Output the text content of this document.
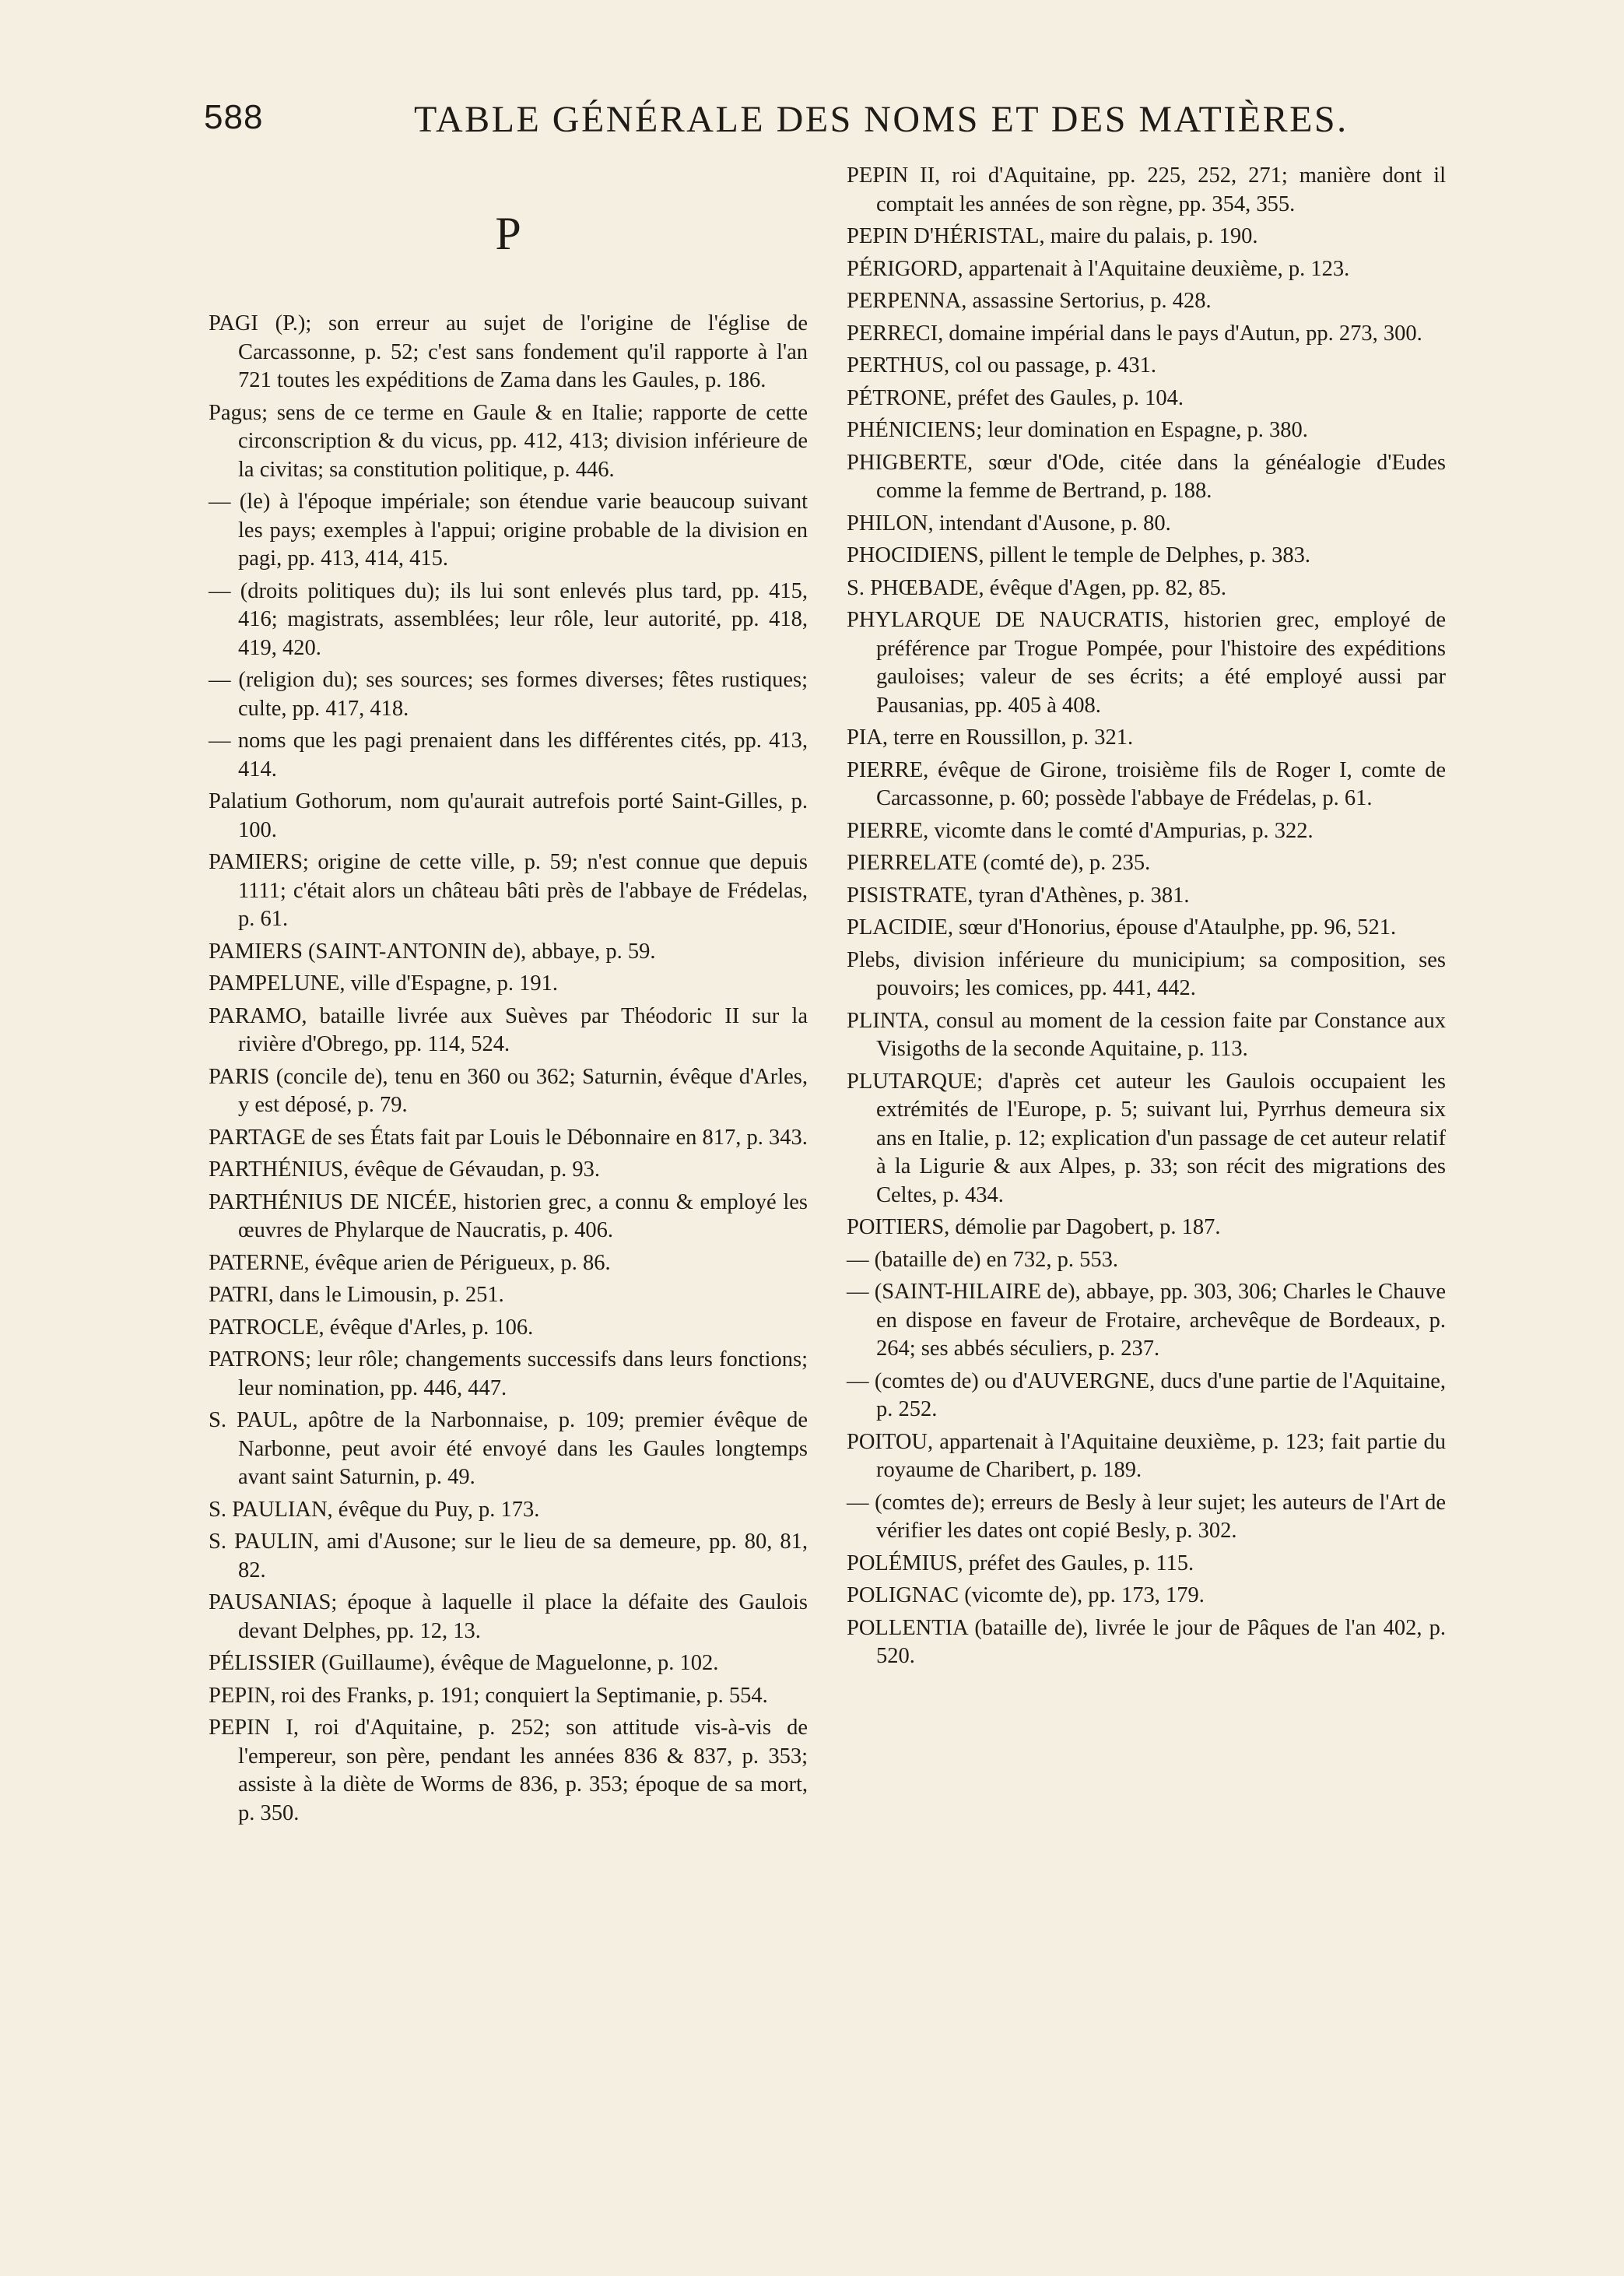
588	TABLE GÉNÉRALE DES NOMS ET DES MATIÈRES.
P

PAGI (P.); son erreur au sujet de l'origine de l'église de Carcassonne, p. 52; c'est sans fondement qu'il rapporte à l'an 721 toutes les expéditions de Zama dans les Gaules, p. 186.

Pagus; sens de ce terme en Gaule & en Italie; rapporte de cette circonscription & du vicus, pp. 412, 413; division inférieure de la civitas; sa constitution politique, p. 446.

— (le) à l'époque impériale; son étendue varie beaucoup suivant les pays; exemples à l'appui; origine probable de la division en pagi, pp. 413, 414, 415.

— (droits politiques du); ils lui sont enlevés plus tard, pp. 415, 416; magistrats, assemblées; leur rôle, leur autorité, pp. 418, 419, 420.

— (religion du); ses sources; ses formes diverses; fêtes rustiques; culte, pp. 417, 418.

— noms que les pagi prenaient dans les différentes cités, pp. 413, 414.

Palatium Gothorum, nom qu'aurait autrefois porté Saint-Gilles, p. 100.

PAMIERS; origine de cette ville, p. 59; n'est connue que depuis 1111; c'était alors un château bâti près de l'abbaye de Frédelas, p. 61.

PAMIERS (SAINT-ANTONIN de), abbaye, p. 59.

PAMPELUNE, ville d'Espagne, p. 191.

PARAMO, bataille livrée aux Suèves par Théodoric II sur la rivière d'Obrego, pp. 114, 524.

PARIS (concile de), tenu en 360 ou 362; Saturnin, évêque d'Arles, y est déposé, p. 79.

PARTAGE de ses États fait par Louis le Débonnaire en 817, p. 343.

PARTHÉNIUS, évêque de Gévaudan, p. 93.

PARTHÉNIUS DE NICÉE, historien grec, a connu & employé les œuvres de Phylarque de Naucratis, p. 406.

PATERNE, évêque arien de Périgueux, p. 86.

PATRI, dans le Limousin, p. 251.

PATROCLE, évêque d'Arles, p. 106.

PATRONS; leur rôle; changements successifs dans leurs fonctions; leur nomination, pp. 446, 447.

S. PAUL, apôtre de la Narbonnaise, p. 109; premier évêque de Narbonne, peut avoir été envoyé dans les Gaules longtemps avant saint Saturnin, p. 49.

S. PAULIAN, évêque du Puy, p. 173.

S. PAULIN, ami d'Ausone; sur le lieu de sa demeure, pp. 80, 81, 82.

PAUSANIAS; époque à laquelle il place la défaite des Gaulois devant Delphes, pp. 12, 13.

PÉLISSIER (Guillaume), évêque de Maguelonne, p. 102.

PEPIN, roi des Franks, p. 191; conquiert la Septimanie, p. 554.

PEPIN I, roi d'Aquitaine, p. 252; son attitude vis-à-vis de l'empereur, son père, pendant les années 836 & 837, p. 353; assiste à la diète de Worms de 836, p. 353; époque de sa mort, p. 350.

PEPIN II, roi d'Aquitaine, pp. 225, 252, 271; manière dont il comptait les années de son règne, pp. 354, 355.

PEPIN D'HÉRISTAL, maire du palais, p. 190.

PÉRIGORD, appartenait à l'Aquitaine deuxième, p. 123.

PERPENNA, assassine Sertorius, p. 428.

PERRECI, domaine impérial dans le pays d'Autun, pp. 273, 300.

PERTHUS, col ou passage, p. 431.

PÉTRONE, préfet des Gaules, p. 104.

PHÉNICIENS; leur domination en Espagne, p. 380.

PHIGBERTE, sœur d'Ode, citée dans la généalogie d'Eudes comme la femme de Bertrand, p. 188.

PHILON, intendant d'Ausone, p. 80.

PHOCIDIENS, pillent le temple de Delphes, p. 383.

S. PHŒBADE, évêque d'Agen, pp. 82, 85.

PHYLARQUE DE NAUCRATIS, historien grec, employé de préférence par Trogue Pompée, pour l'histoire des expéditions gauloises; valeur de ses écrits; a été employé aussi par Pausanias, pp. 405 à 408.

PIA, terre en Roussillon, p. 321.

PIERRE, évêque de Girone, troisième fils de Roger I, comte de Carcassonne, p. 60; possède l'abbaye de Frédelas, p. 61.

PIERRE, vicomte dans le comté d'Ampurias, p. 322.

PIERRELATE (comté de), p. 235.

PISISTRATE, tyran d'Athènes, p. 381.

PLACIDIE, sœur d'Honorius, épouse d'Ataulphe, pp. 96, 521.

Plebs, division inférieure du municipium; sa composition, ses pouvoirs; les comices, pp. 441, 442.

PLINTA, consul au moment de la cession faite par Constance aux Visigoths de la seconde Aquitaine, p. 113.

PLUTARQUE; d'après cet auteur les Gaulois occupaient les extrémités de l'Europe, p. 5; suivant lui, Pyrrhus demeura six ans en Italie, p. 12; explication d'un passage de cet auteur relatif à la Ligurie & aux Alpes, p. 33; son récit des migrations des Celtes, p. 434.

POITIERS, démolie par Dagobert, p. 187.

— (bataille de) en 732, p. 553.

— (SAINT-HILAIRE de), abbaye, pp. 303, 306; Charles le Chauve en dispose en faveur de Frotaire, archevêque de Bordeaux, p. 264; ses abbés séculiers, p. 237.

— (comtes de) ou d'AUVERGNE, ducs d'une partie de l'Aquitaine, p. 252.

POITOU, appartenait à l'Aquitaine deuxième, p. 123; fait partie du royaume de Charibert, p. 189.

— (comtes de); erreurs de Besly à leur sujet; les auteurs de l'Art de vérifier les dates ont copié Besly, p. 302.

POLÉMIUS, préfet des Gaules, p. 115.

POLIGNAC (vicomte de), pp. 173, 179.

POLLENTIA (bataille de), livrée le jour de Pâques de l'an 402, p. 520.
